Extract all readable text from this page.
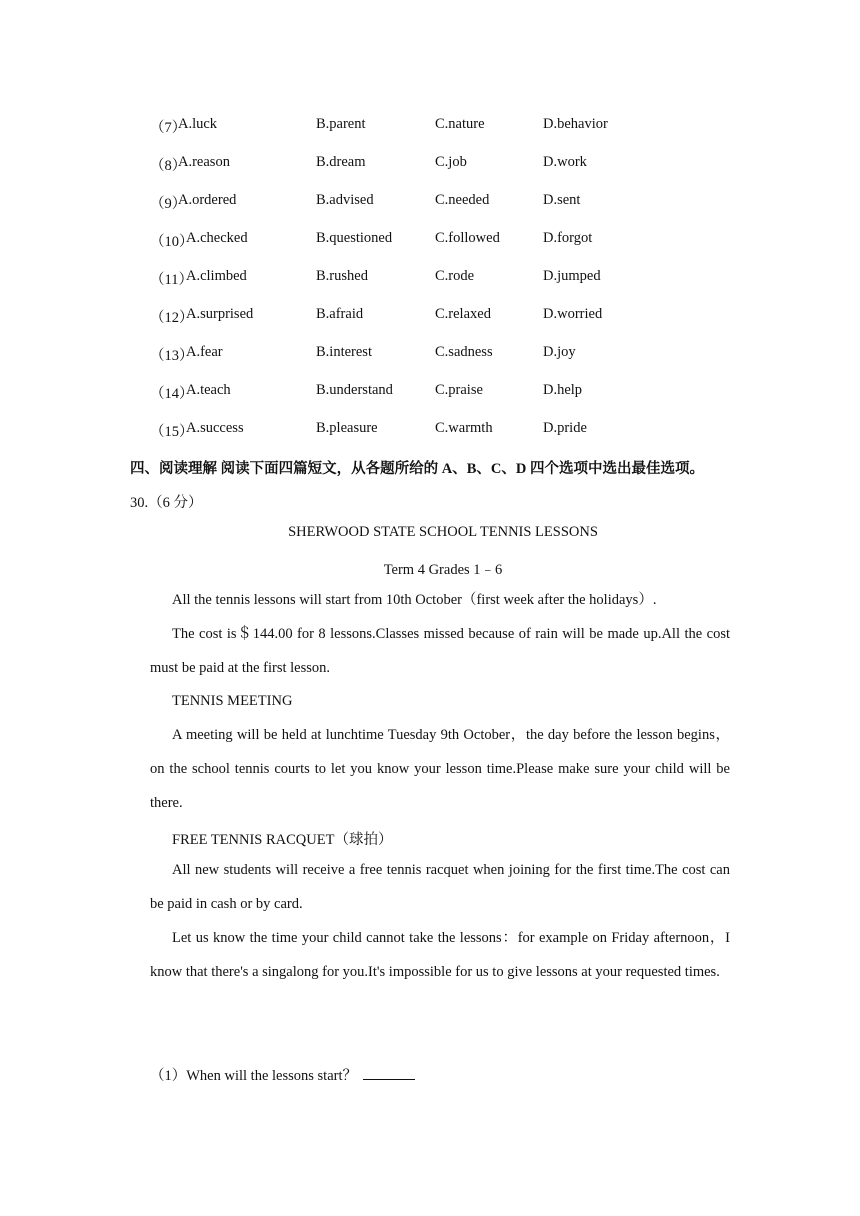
（7）
A.luck	B.parent	C.nature	D.behavior
（8）
A.reason	B.dream	C.job	D.work
（9）
A.ordered	B.advised	C.needed	D.sent
（10）
A.checked	B.questioned	C.followed	D.forgot
（11）
A.climbed	B.rushed	C.rode	D.jumped
（12）
A.surprised	B.afraid	C.relaxed	D.worried
（13）
A.fear	B.interest	C.sadness	D.joy
（14）
A.teach	B.understand	C.praise	D.help
（15）
A.success	B.pleasure	C.warmth	D.pride
四、阅读理解 阅读下面四篇短文，从各题所给的 A、B、C、D 四个选项中选出最佳选项。
30.（6 分）
SHERWOOD STATE SCHOOL TENNIS LESSONS
Term 4 Grades 1﹣6
All the tennis lessons will start from 10th October（first week after the holidays）.
The cost is＄144.00 for 8 lessons.Classes missed because of rain will be made up.All the cost must be paid at the first lesson.
TENNIS MEETING
A meeting will be held at lunchtime Tuesday 9th October，the day before the lesson begins，on the school tennis courts to let you know your lesson time.Please make sure your child will be there.
FREE TENNIS RACQUET（球拍）
All new students will receive a free tennis racquet when joining for the first time.The cost can be paid in cash or by card.
Let us know the time your child cannot take the lessons：for example on Friday afternoon，I know that there's a singalong for you.It's impossible for us to give lessons at your requested times.
（1）When will the lessons start？
